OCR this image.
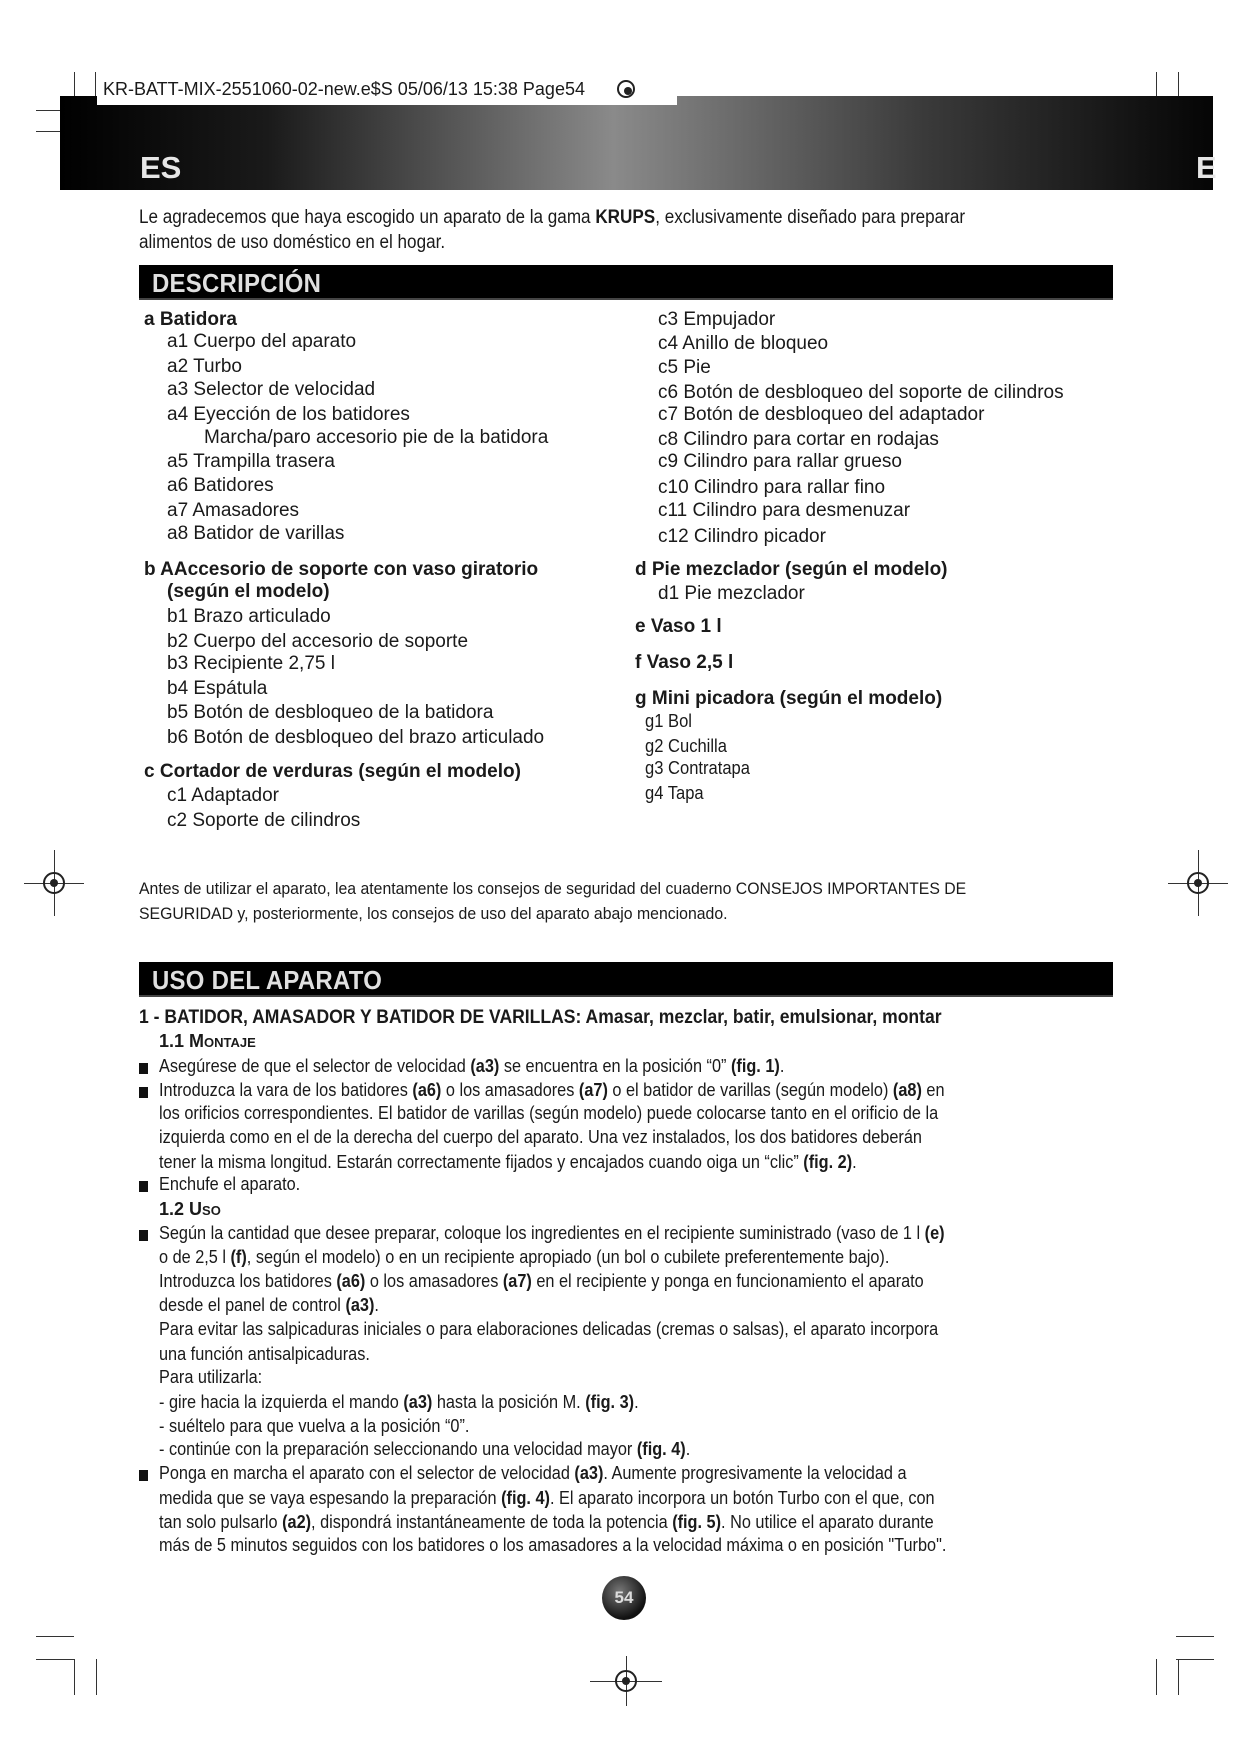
KR-BATT-MIX-2551060-02-new.e$S 05/06/13 15:38 Page54
ES	E
Le agradecemos que haya escogido un aparato de la gama KRUPS, exclusivamente diseñado para preparar
alimentos de uso doméstico en el hogar.
DESCRIPCIÓN
a Batidora
a1 Cuerpo del aparato
a2 Turbo
a3 Selector de velocidad
a4 Eyección de los batidores
Marcha/paro accesorio pie de la batidora
a5 Trampilla trasera
a6 Batidores
a7 Amasadores
a8 Batidor de varillas
b AAccesorio de soporte con vaso giratorio
(según el modelo)
b1 Brazo articulado
b2 Cuerpo del accesorio de soporte
b3 Recipiente 2,75 l
b4 Espátula
b5 Botón de desbloqueo de la batidora
b6 Botón de desbloqueo del brazo articulado
c Cortador de verduras (según el modelo)
c1 Adaptador
c2 Soporte de cilindros
c3 Empujador
c4 Anillo de bloqueo
c5 Pie
c6 Botón de desbloqueo del soporte de cilindros
c7 Botón de desbloqueo del adaptador
c8 Cilindro para cortar en rodajas
c9 Cilindro para rallar grueso
c10 Cilindro para rallar fino
c11 Cilindro para desmenuzar
c12 Cilindro picador
d Pie mezclador (según el modelo)
d1 Pie mezclador
e Vaso 1 l
f Vaso 2,5 l
g Mini picadora (según el modelo)
g1 Bol
g2 Cuchilla
g3 Contratapa
g4 Tapa
Antes de utilizar el aparato, lea atentamente los consejos de seguridad del cuaderno CONSEJOS IMPORTANTES DE
SEGURIDAD y, posteriormente, los consejos de uso del aparato abajo mencionado.
USO DEL APARATO
1 - BATIDOR, AMASADOR Y BATIDOR DE VARILLAS: Amasar, mezclar, batir, emulsionar, montar
1.1 Montaje
Asegúrese de que el selector de velocidad (a3) se encuentra en la posición “0” (fig. 1).
Introduzca la vara de los batidores (a6) o los amasadores (a7) o el batidor de varillas (según modelo) (a8) en
los orificios correspondientes. El batidor de varillas (según modelo) puede colocarse tanto en el orificio de la
izquierda como en el de la derecha del cuerpo del aparato. Una vez instalados, los dos batidores deberán
tener la misma longitud. Estarán correctamente fijados y encajados cuando oiga un “clic” (fig. 2).
Enchufe el aparato.
1.2 Uso
Según la cantidad que desee preparar, coloque los ingredientes en el recipiente suministrado (vaso de 1 l (e)
o de 2,5 l (f), según el modelo) o en un recipiente apropiado (un bol o cubilete preferentemente bajo).
Introduzca los batidores (a6) o los amasadores (a7) en el recipiente y ponga en funcionamiento el aparato
desde el panel de control (a3).
Para evitar las salpicaduras iniciales o para elaboraciones delicadas (cremas o salsas), el aparato incorpora
una función antisalpicaduras.
Para utilizarla:
- gire hacia la izquierda el mando (a3) hasta la posición M. (fig. 3).
- suéltelo para que vuelva a la posición “0”.
- continúe con la preparación seleccionando una velocidad mayor (fig. 4).
Ponga en marcha el aparato con el selector de velocidad (a3). Aumente progresivamente la velocidad a
medida que se vaya espesando la preparación (fig. 4). El aparato incorpora un botón Turbo con el que, con
tan solo pulsarlo (a2), dispondrá instantáneamente de toda la potencia (fig. 5). No utilice el aparato durante
más de 5 minutos seguidos con los batidores o los amasadores a la velocidad máxima o en posición "Turbo".
54
